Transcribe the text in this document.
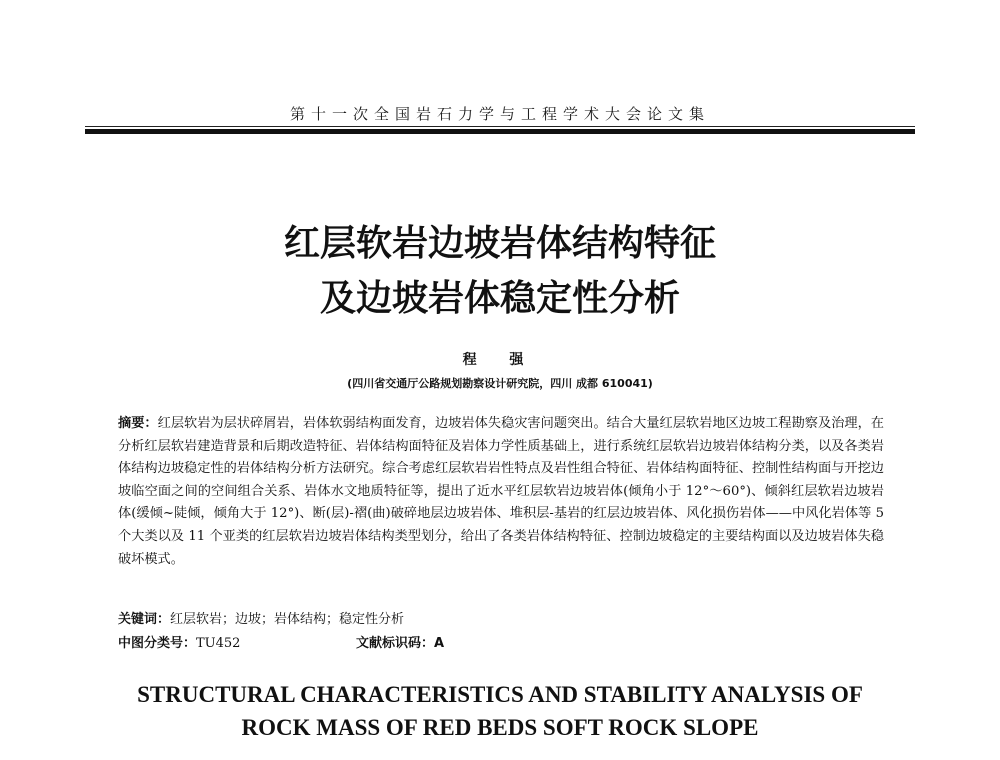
第十一次全国岩石力学与工程学术大会论文集
红层软岩边坡岩体结构特征
及边坡岩体稳定性分析
程 强
(四川省交通厅公路规划勘察设计研究院，四川 成都 610041)
摘要：红层软岩为层状碎屑岩，岩体软弱结构面发育，边坡岩体失稳灾害问题突出。结合大量红层软岩地区边坡工程勘察及治理，在分析红层软岩建造背景和后期改造特征、岩体结构面特征及岩体力学性质基础上，进行系统红层软岩边坡岩体结构分类，以及各类岩体结构边坡稳定性的岩体结构分析方法研究。综合考虑红层软岩岩性特点及岩性组合特征、岩体结构面特征、控制性结构面与开挖边坡临空面之间的空间组合关系、岩体水文地质特征等，提出了近水平红层软岩边坡岩体(倾角小于 12°～60°)、倾斜红层软岩边坡岩体(缓倾~陡倾，倾角大于 12°)、断(层)-褶(曲)破碎地层边坡岩体、堆积层-基岩的红层边坡岩体、风化损伤岩体——中风化岩体等 5 个大类以及 11 个亚类的红层软岩边坡岩体结构类型划分，给出了各类岩体结构特征、控制边坡稳定的主要结构面以及边坡岩体失稳破坏模式。
关键词：红层软岩；边坡；岩体结构；稳定性分析
中图分类号：TU452	文献标识码：A
STRUCTURAL CHARACTERISTICS AND STABILITY ANALYSIS OF
ROCK MASS OF RED BEDS SOFT ROCK SLOPE
